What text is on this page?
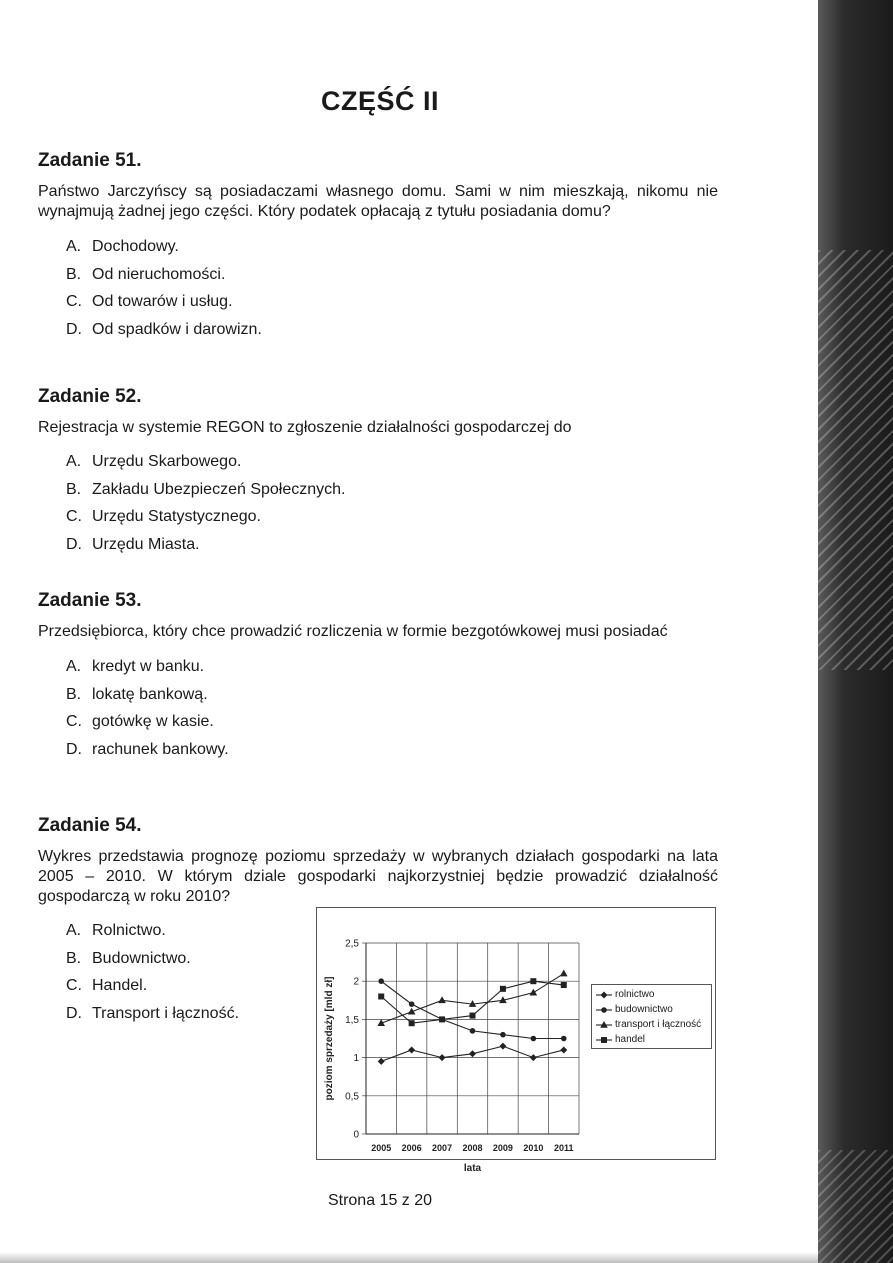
CZĘŚĆ II
Zadanie 51.

Państwo Jarczyńscy są posiadaczami własnego domu. Sami w nim mieszkają, nikomu nie wynajmują żadnej jego części. Który podatek opłacają z tytułu posiadania domu?

A. Dochodowy.
B. Od nieruchomości.
C. Od towarów i usług.
D. Od spadków i darowizn.
Zadanie 52.

Rejestracja w systemie REGON to zgłoszenie działalności gospodarczej do

A. Urzędu Skarbowego.
B. Zakładu Ubezpieczeń Społecznych.
C. Urzędu Statystycznego.
D. Urzędu Miasta.
Zadanie 53.

Przedsiębiorca, który chce prowadzić rozliczenia w formie bezgotówkowej musi posiadać

A. kredyt w banku.
B. lokatę bankową.
C. gotówkę w kasie.
D. rachunek bankowy.
Zadanie 54.

Wykres przedstawia prognozę poziomu sprzedaży w wybranych działach gospodarki na lata 2005 – 2010. W którym dziale gospodarki najkorzystniej będzie prowadzić działalność gospodarczą w roku 2010?

A. Rolnictwo.
B. Budownictwo.
C. Handel.
D. Transport i łączność.
0
0,5
1
1,5
2
2,5
2005 2006 2007 2008 2009 2010 2011
lata
poziom sprzedaży [mld zł]	rolnictwo
budownictwo
transport i łączność
handel
Strona 15 z 20
